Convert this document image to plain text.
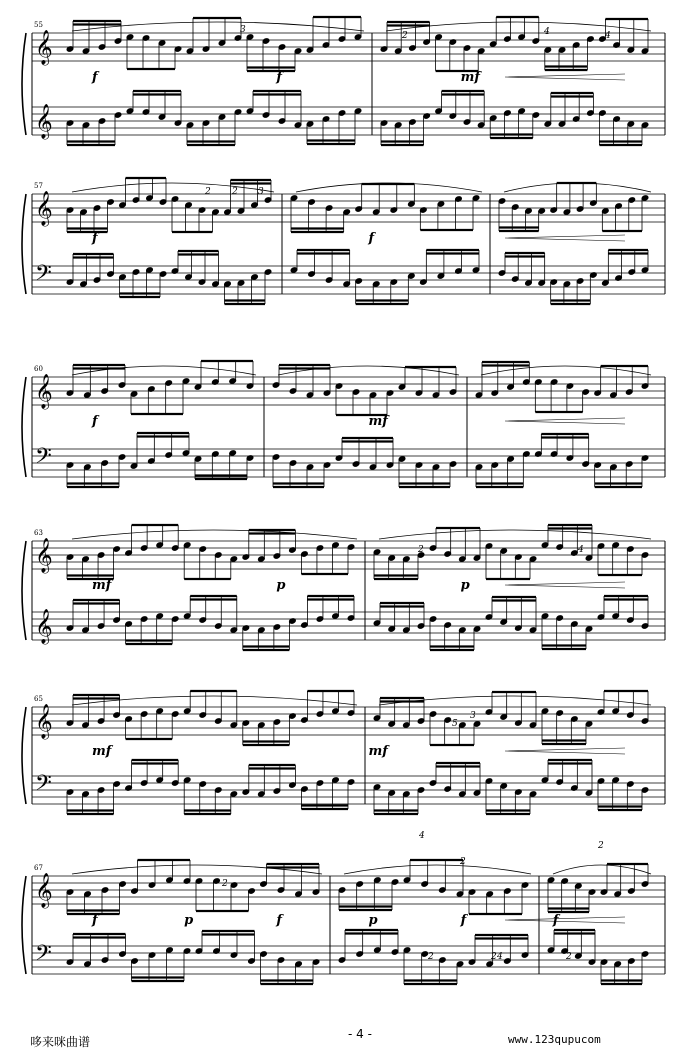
𝄞
𝄞
55
f	f	mf
𝄞
𝄢
57
f	f
𝄞
𝄢
60
f	mf
𝄞
𝄞
63
mf	p	p
𝄞
𝄢
65
mf	mf
𝄞
𝄢
67
f	p	f	p	f	f
3
2	4	4
2 2 3
2	4
2
3
5
4
2
2
4
2	2
2
哆来咪曲谱
- 4 -	www.123qupucom
